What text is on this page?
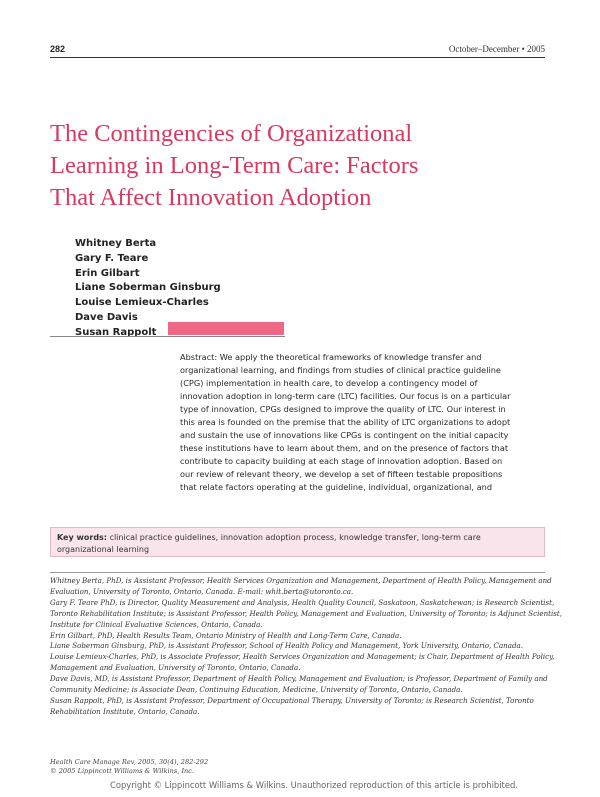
282	October–December • 2005
The Contingencies of Organizational
Learning in Long-Term Care: Factors
That Affect Innovation Adoption
Whitney Berta
Gary F. Teare
Erin Gilbart
Liane Soberman Ginsburg
Louise Lemieux-Charles
Dave Davis
Susan Rappolt
Abstract: We apply the theoretical frameworks of knowledge transfer and
organizational learning, and findings from studies of clinical practice guideline
(CPG) implementation in health care, to develop a contingency model of
innovation adoption in long-term care (LTC) facilities. Our focus is on a particular
type of innovation, CPGs designed to improve the quality of LTC. Our interest in
this area is founded on the premise that the ability of LTC organizations to adopt
and sustain the use of innovations like CPGs is contingent on the initial capacity
these institutions have to learn about them, and on the presence of factors that
contribute to capacity building at each stage of innovation adoption. Based on
our review of relevant theory, we develop a set of fifteen testable propositions
that relate factors operating at the guideline, individual, organizational, and
Key words: clinical practice guidelines, innovation adoption process, knowledge transfer, long-term care
organizational learning
Whitney Berta, PhD, is Assistant Professor, Health Services Organization and Management, Department of Health Policy, Management and
Evaluation, University of Toronto, Ontario, Canada. E-mail: whit.berta@utoronto.ca.
Gary F. Teare PhD, is Director, Quality Measurement and Analysis, Health Quality Council, Saskatoon, Saskatchewan; is Research Scientist,
Toronto Rehabilitation Institute; is Assistant Professor, Health Policy, Management and Evaluation, University of Toronto; is Adjunct Scientist,
Institute for Clinical Evaluative Sciences, Ontario, Canada.
Erin Gilbart, PhD, Health Results Team, Ontario Ministry of Health and Long-Term Care, Canada.
Liane Soberman Ginsburg, PhD, is Assistant Professor, School of Health Policy and Management, York University, Ontario, Canada.
Louise Lemieux-Charles, PhD, is Associate Professor, Health Services Organization and Management; is Chair, Department of Health Policy,
Management and Evaluation, University of Toronto, Ontario, Canada.
Dave Davis, MD, is Assistant Professor, Department of Health Policy, Management and Evaluation; is Professor, Department of Family and
Community Medicine; is Associate Dean, Continuing Education, Medicine, University of Toronto, Ontario, Canada.
Susan Rappolt, PhD, is Assistant Professor, Department of Occupational Therapy, University of Toronto; is Research Scientist, Toronto
Rehabilitation Institute, Ontario, Canada.
Health Care Manage Rev, 2005, 30(4), 282-292
© 2005 Lippincott Williams & Wilkins, Inc.
Copyright © Lippincott Williams & Wilkins. Unauthorized reproduction of this article is prohibited.
